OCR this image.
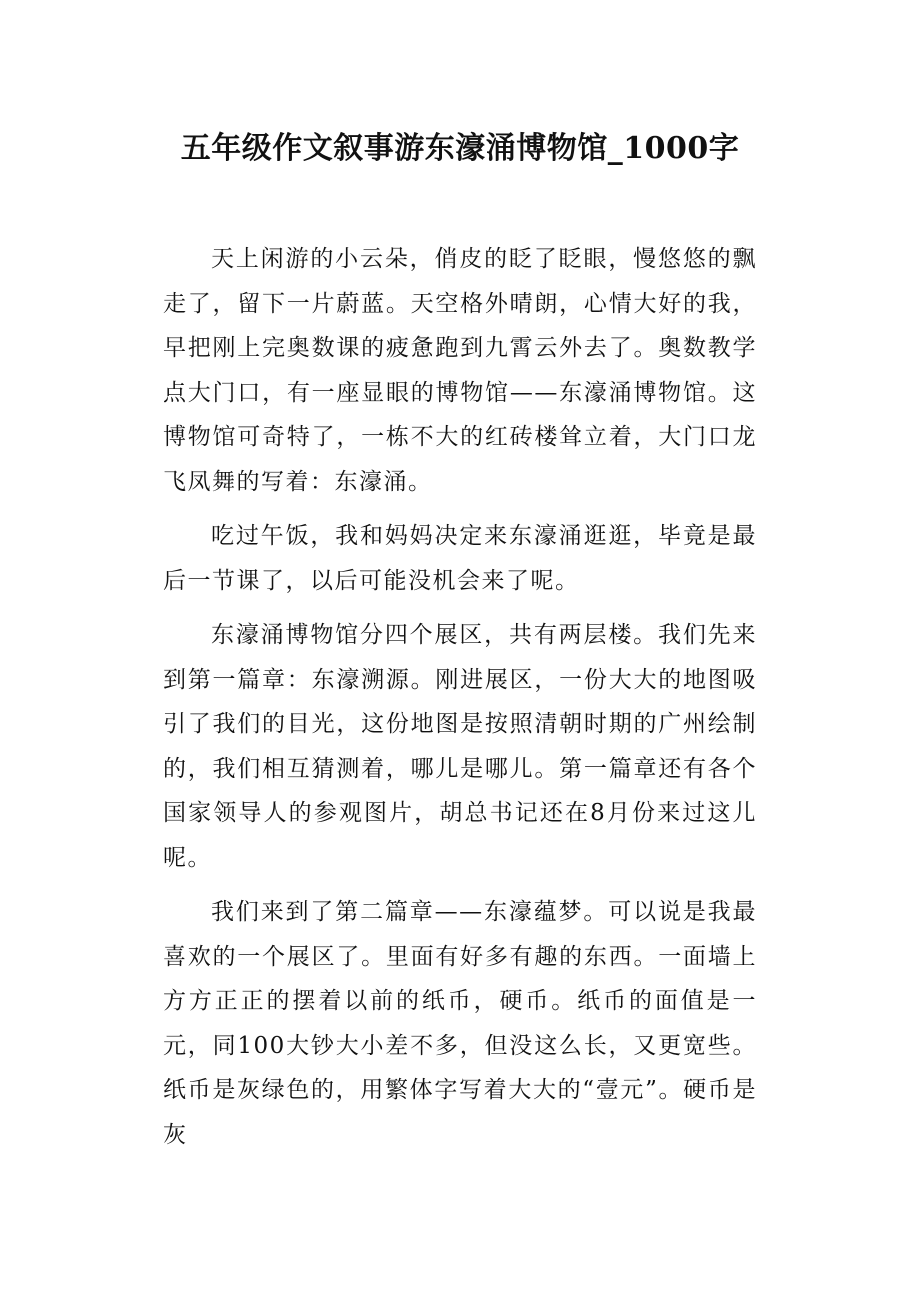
五年级作文叙事游东濠涌博物馆_1000字

天上闲游的小云朵，俏皮的眨了眨眼，慢悠悠的飘走了，留下一片蔚蓝。天空格外晴朗，心情大好的我，早把刚上完奥数课的疲惫跑到九霄云外去了。奥数教学点大门口，有一座显眼的博物馆——东濠涌博物馆。这博物馆可奇特了，一栋不大的红砖楼耸立着，大门口龙飞凤舞的写着：东濠涌。

吃过午饭，我和妈妈决定来东濠涌逛逛，毕竟是最后一节课了，以后可能没机会来了呢。

东濠涌博物馆分四个展区，共有两层楼。我们先来到第一篇章：东濠溯源。刚进展区，一份大大的地图吸引了我们的目光，这份地图是按照清朝时期的广州绘制的，我们相互猜测着，哪儿是哪儿。第一篇章还有各个国家领导人的参观图片，胡总书记还在8月份来过这儿呢。

我们来到了第二篇章——东濠蕴梦。可以说是我最喜欢的一个展区了。里面有好多有趣的东西。一面墙上方方正正的摆着以前的纸币，硬币。纸币的面值是一元，同100大钞大小差不多，但没这么长，又更宽些。纸币是灰绿色的，用繁体字写着大大的“壹元”。硬币是灰
